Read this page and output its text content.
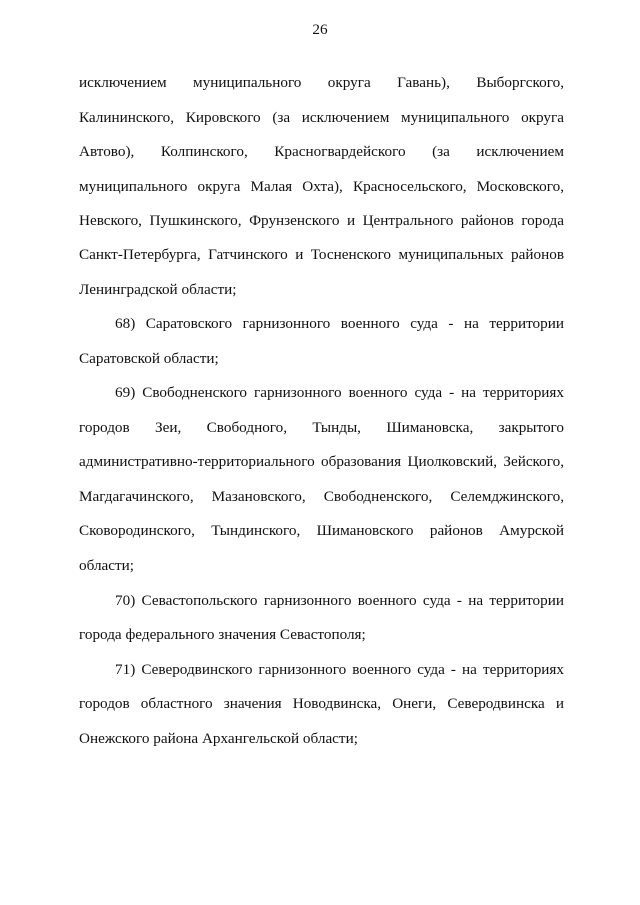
26
исключением муниципального округа Гавань), Выборгского,
Калининского, Кировского (за исключением муниципального округа
Автово), Колпинского, Красногвардейского (за исключением
муниципального округа Малая Охта), Красносельского, Московского,
Невского, Пушкинского, Фрунзенского и Центрального районов города
Санкт-Петербурга, Гатчинского и Тосненского муниципальных районов
Ленинградской области;
68) Саратовского гарнизонного военного суда - на территории
Саратовской области;
69) Свободненского гарнизонного военного суда - на территориях
городов Зеи, Свободного, Тынды, Шимановска, закрытого
административно-территориального образования Циолковский, Зейского,
Магдагачинского, Мазановского, Свободненского, Селемджинского,
Сковородинского, Тындинского, Шимановского районов Амурской
области;
70) Севастопольского гарнизонного военного суда - на территории
города федерального значения Севастополя;
71) Северодвинского гарнизонного военного суда - на территориях
городов областного значения Новодвинска, Онеги, Северодвинска и
Онежского района Архангельской области;
